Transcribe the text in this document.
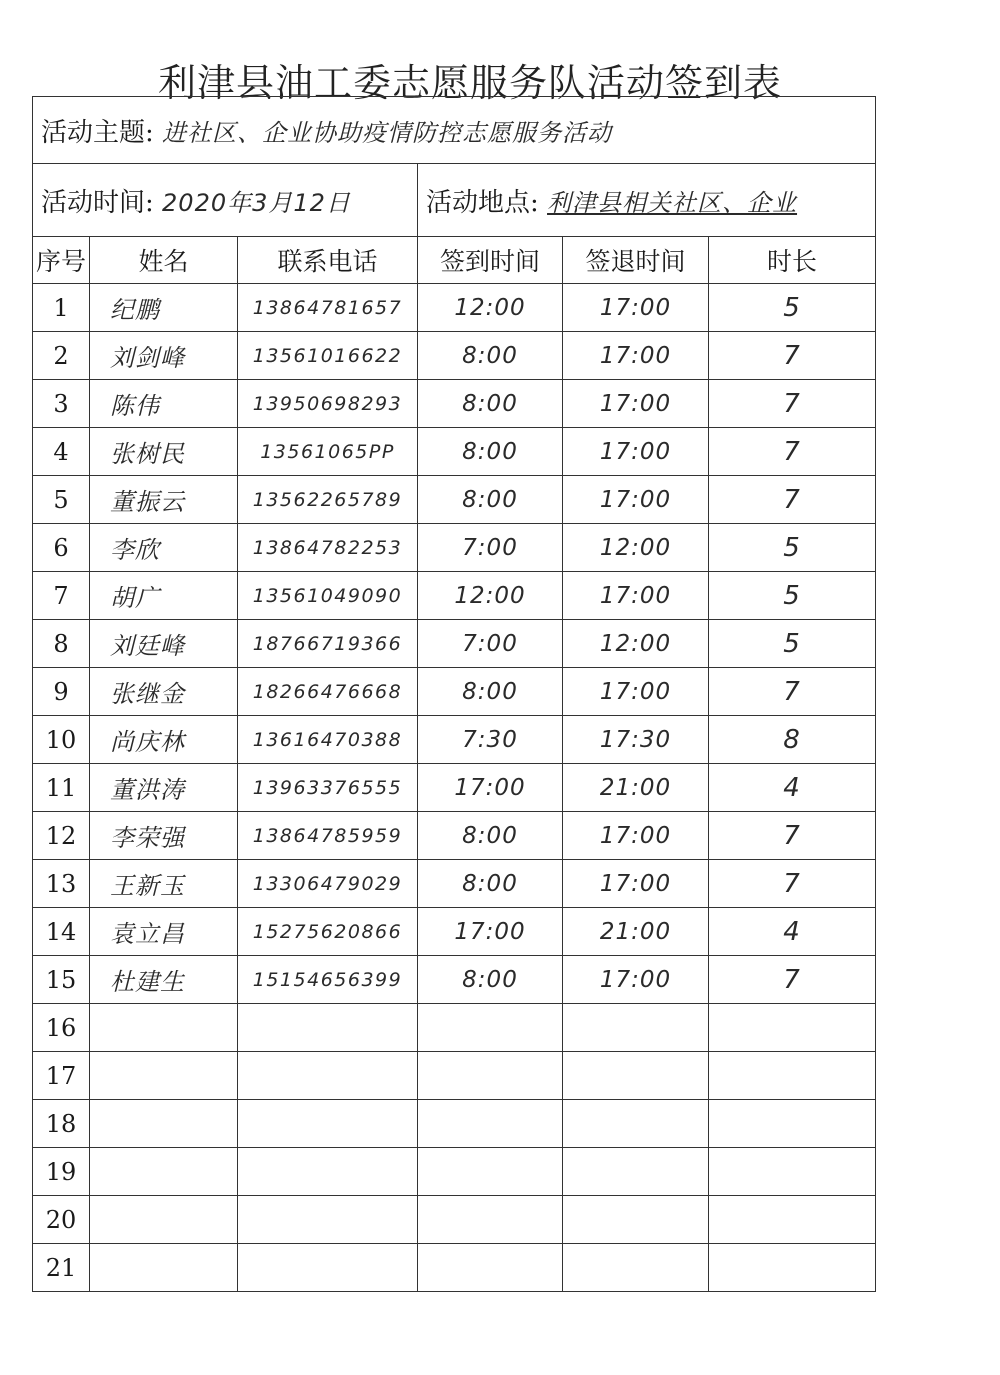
利津县油工委志愿服务队活动签到表
活动主题: 进社区、企业协助疫情防控志愿服务活动					
活动时间: 2020年3月12日			活动地点: 利津县相关社区、企业		
序号	姓名	联系电话	签到时间	签退时间	时长
1	纪鹏	13864781657	12:00	17:00	5
2	刘剑峰	13561016622	8:00	17:00	7
3	陈伟	13950698293	8:00	17:00	7
4	张树民	13561065PP	8:00	17:00	7
5	董振云	13562265789	8:00	17:00	7
6	李欣	13864782253	7:00	12:00	5
7	胡广	13561049090	12:00	17:00	5
8	刘廷峰	18766719366	7:00	12:00	5
9	张继金	18266476668	8:00	17:00	7
10	尚庆林	13616470388	7:30	17:30	8
11	董洪涛	13963376555	17:00	21:00	4
12	李荣强	13864785959	8:00	17:00	7
13	王新玉	13306479029	8:00	17:00	7
14	袁立昌	15275620866	17:00	21:00	4
15	杜建生	15154656399	8:00	17:00	7
16					
17					
18					
19					
20					
21					
